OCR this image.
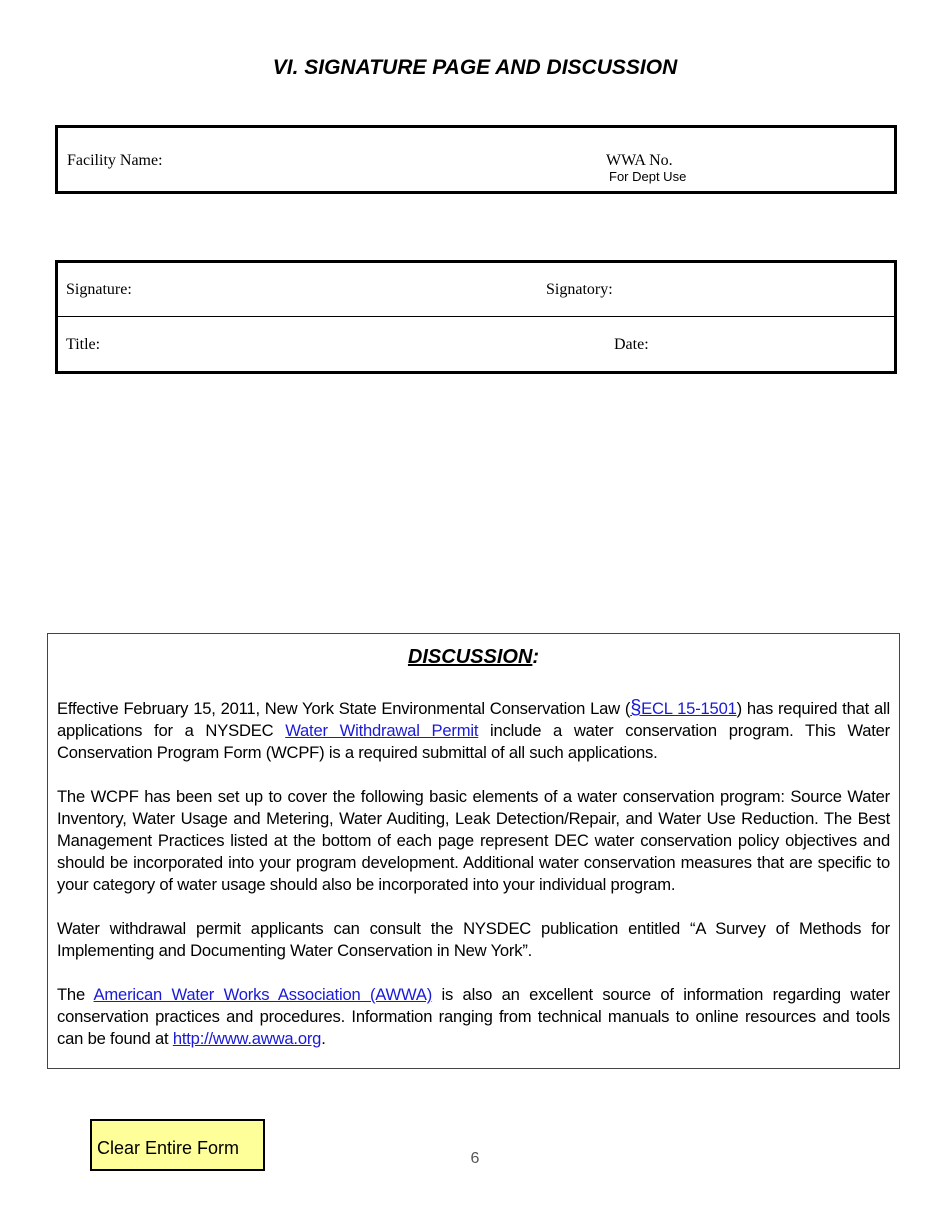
VI. SIGNATURE PAGE AND DISCUSSION
Facility Name:	WWA No.
For Dept Use
Signature:	Signatory:
Title:	Date:
DISCUSSION:

Effective February 15, 2011, New York State Environmental Conservation Law (§ECL 15-1501) has required that all applications for a NYSDEC Water Withdrawal Permit include a water conservation program. This Water Conservation Program Form (WCPF) is a required submittal of all such applications.

The WCPF has been set up to cover the following basic elements of a water conservation program: Source Water Inventory, Water Usage and Metering, Water Auditing, Leak Detection/Repair, and Water Use Reduction. The Best Management Practices listed at the bottom of each page represent DEC water conservation policy objectives and should be incorporated into your program development. Additional water conservation measures that are specific to your category of water usage should also be incorporated into your individual program.

Water withdrawal permit applicants can consult the NYSDEC publication entitled “A Survey of Methods for Implementing and Documenting Water Conservation in New York”.

The American Water Works Association (AWWA) is also an excellent source of information regarding water conservation practices and procedures. Information ranging from technical manuals to online resources and tools can be found at http://www.awwa.org.

Clear Entire Form
6
